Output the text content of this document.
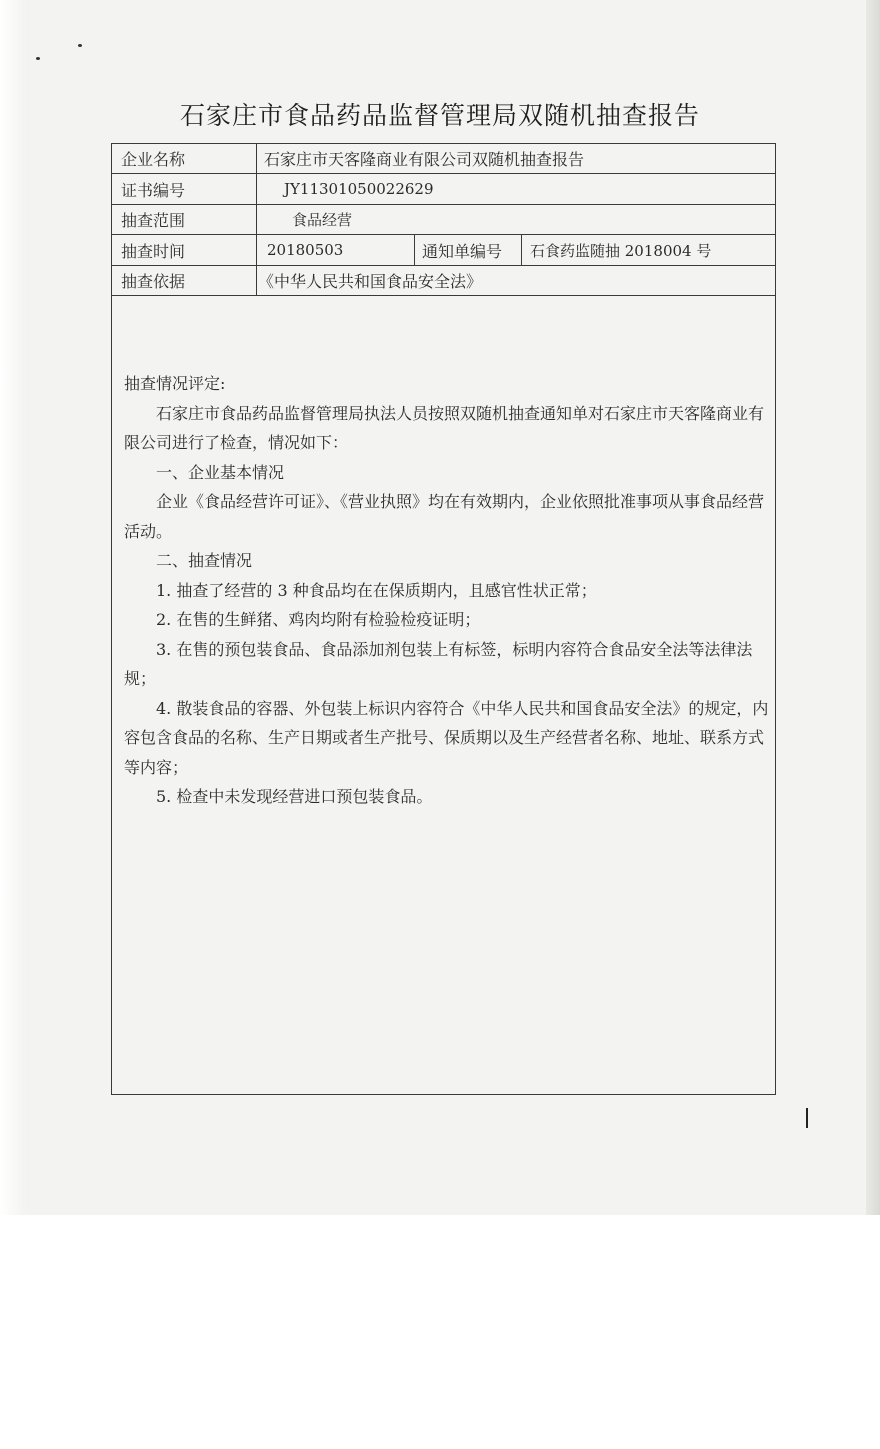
石家庄市食品药品监督管理局双随机抽查报告
企业名称	石家庄市天客隆商业有限公司双随机抽查报告
证书编号	JY11301050022629
抽查范围	食品经营
抽查时间	20180503	通知单编号 石食药监随抽 2018004 号
抽查依据	《中华人民共和国食品安全法》

抽查情况评定:

石家庄市食品药品监督管理局执法人员按照双随机抽查通知单对石家庄市天客隆商业有限公司进行了检查，情况如下：

一、企业基本情况

企业《食品经营许可证》、《营业执照》均在有效期内，企业依照批准事项从事食品经营活动。

二、抽查情况

1. 抽查了经营的 3 种食品均在在保质期内，且感官性状正常；

2. 在售的生鲜猪、鸡肉均附有检验检疫证明；

3. 在售的预包装食品、食品添加剂包装上有标签，标明内容符合食品安全法等法律法规；

4. 散装食品的容器、外包装上标识内容符合《中华人民共和国食品安全法》的规定，内容包含食品的名称、生产日期或者生产批号、保质期以及生产经营者名称、地址、联系方式等内容；

5. 检查中未发现经营进口预包装食品。
